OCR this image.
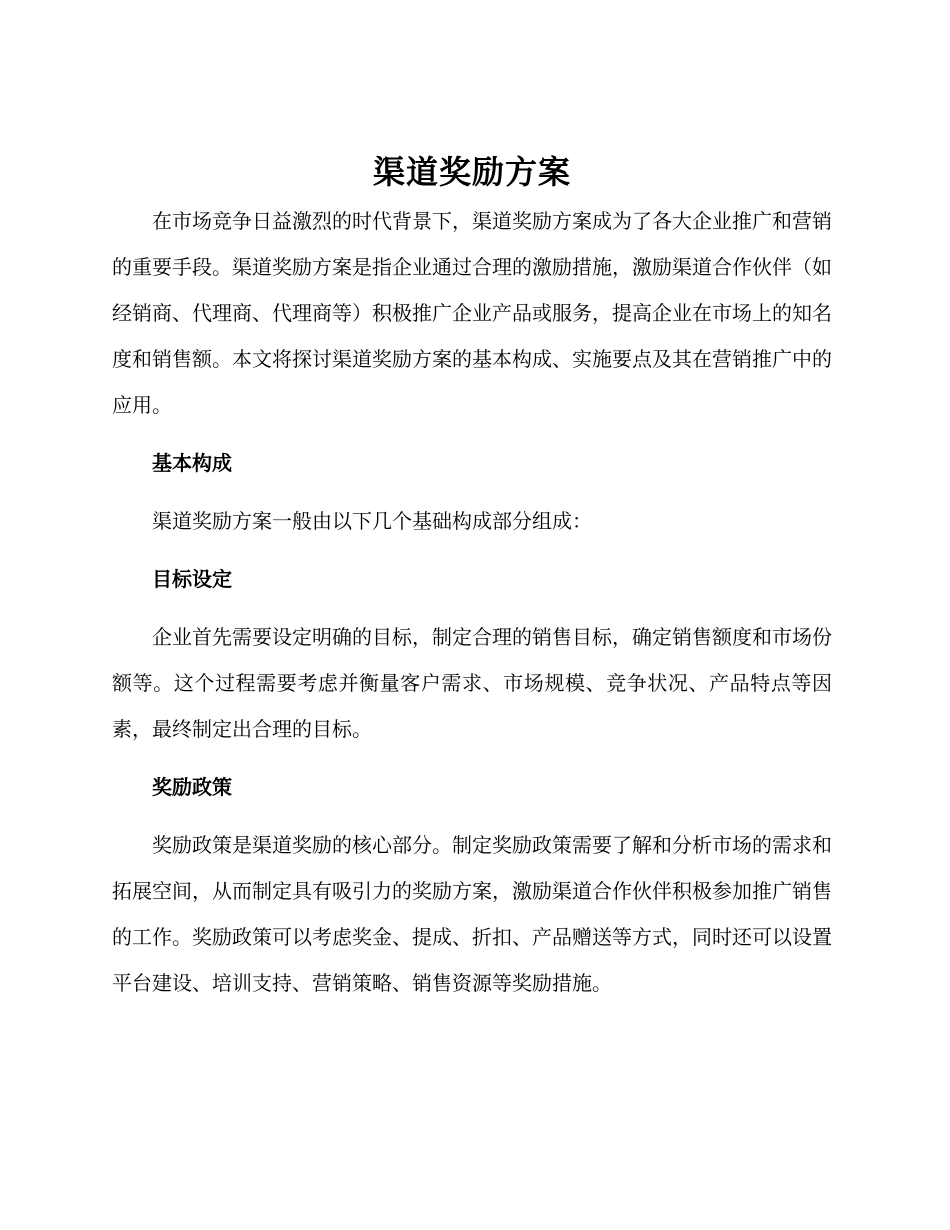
渠道奖励方案

在市场竞争日益激烈的时代背景下，渠道奖励方案成为了各大企业推广和营销的重要手段。渠道奖励方案是指企业通过合理的激励措施，激励渠道合作伙伴（如经销商、代理商、代理商等）积极推广企业产品或服务，提高企业在市场上的知名度和销售额。本文将探讨渠道奖励方案的基本构成、实施要点及其在营销推广中的应用。

基本构成

渠道奖励方案一般由以下几个基础构成部分组成：

目标设定

企业首先需要设定明确的目标，制定合理的销售目标，确定销售额度和市场份额等。这个过程需要考虑并衡量客户需求、市场规模、竞争状况、产品特点等因素，最终制定出合理的目标。

奖励政策

奖励政策是渠道奖励的核心部分。制定奖励政策需要了解和分析市场的需求和拓展空间，从而制定具有吸引力的奖励方案，激励渠道合作伙伴积极参加推广销售的工作。奖励政策可以考虑奖金、提成、折扣、产品赠送等方式，同时还可以设置平台建设、培训支持、营销策略、销售资源等奖励措施。
